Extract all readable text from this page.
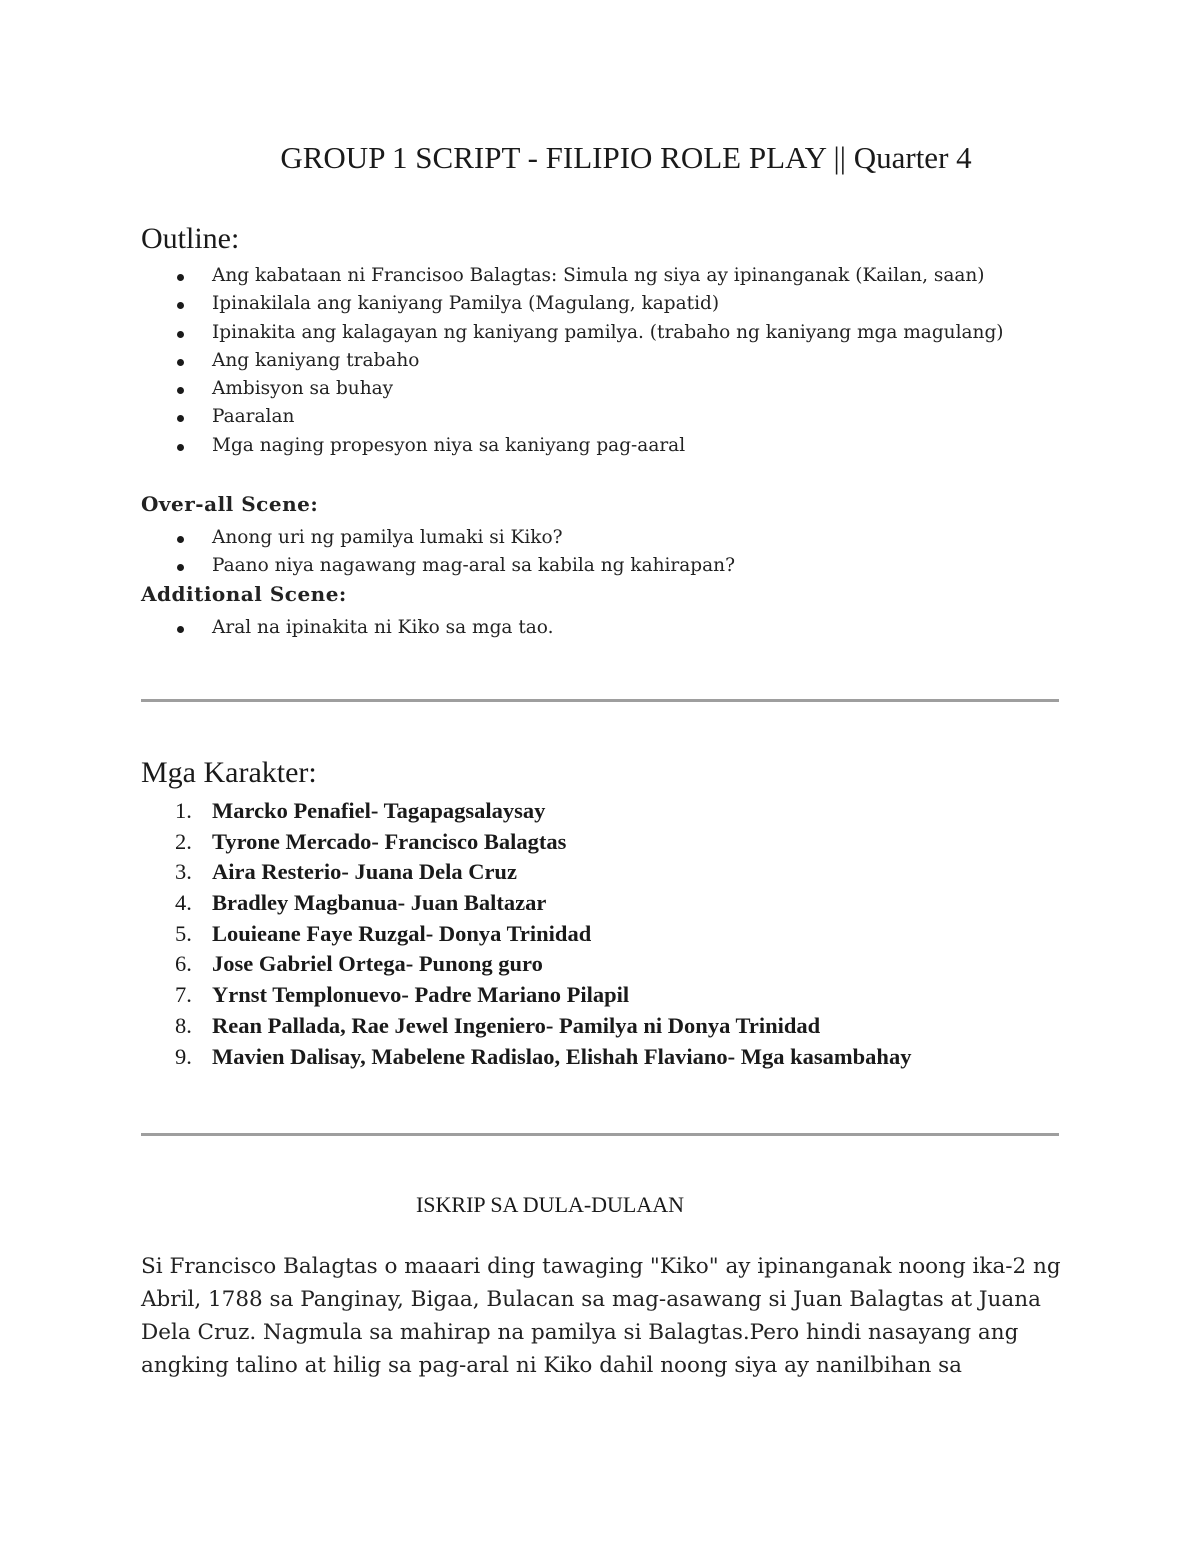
GROUP 1 SCRIPT - FILIPIO ROLE PLAY || Quarter 4
Outline:
Ang kabataan ni Francisoo Balagtas: Simula ng siya ay ipinanganak (Kailan, saan)
Ipinakilala ang kaniyang Pamilya (Magulang, kapatid)
Ipinakita ang kalagayan ng kaniyang pamilya. (trabaho ng kaniyang mga magulang)
Ang kaniyang trabaho
Ambisyon sa buhay
Paaralan
Mga naging propesyon niya sa kaniyang pag-aaral
Over-all Scene:
Anong uri ng pamilya lumaki si Kiko?
Paano niya nagawang mag-aral sa kabila ng kahirapan?
Additional Scene:
Aral na ipinakita ni Kiko sa mga tao.
Mga Karakter:
1. Marcko Penafiel- Tagapagsalaysay
2. Tyrone Mercado- Francisco Balagtas
3. Aira Resterio- Juana Dela Cruz
4. Bradley Magbanua- Juan Baltazar
5. Louieane Faye Ruzgal- Donya Trinidad
6. Jose Gabriel Ortega- Punong guro
7. Yrnst Templonuevo- Padre Mariano Pilapil
8. Rean Pallada, Rae Jewel Ingeniero- Pamilya ni Donya Trinidad
9. Mavien Dalisay, Mabelene Radislao, Elishah Flaviano- Mga kasambahay
ISKRIP SA DULA-DULAAN

Si Francisco Balagtas o maaari ding tawaging "Kiko" ay ipinanganak noong ika-2 ng Abril, 1788 sa Panginay, Bigaa, Bulacan sa mag-asawang si Juan Balagtas at Juana Dela Cruz. Nagmula sa mahirap na pamilya si Balagtas.Pero hindi nasayang ang angking talino at hilig sa pag-aral ni Kiko dahil noong siya ay nanilbihan sa
